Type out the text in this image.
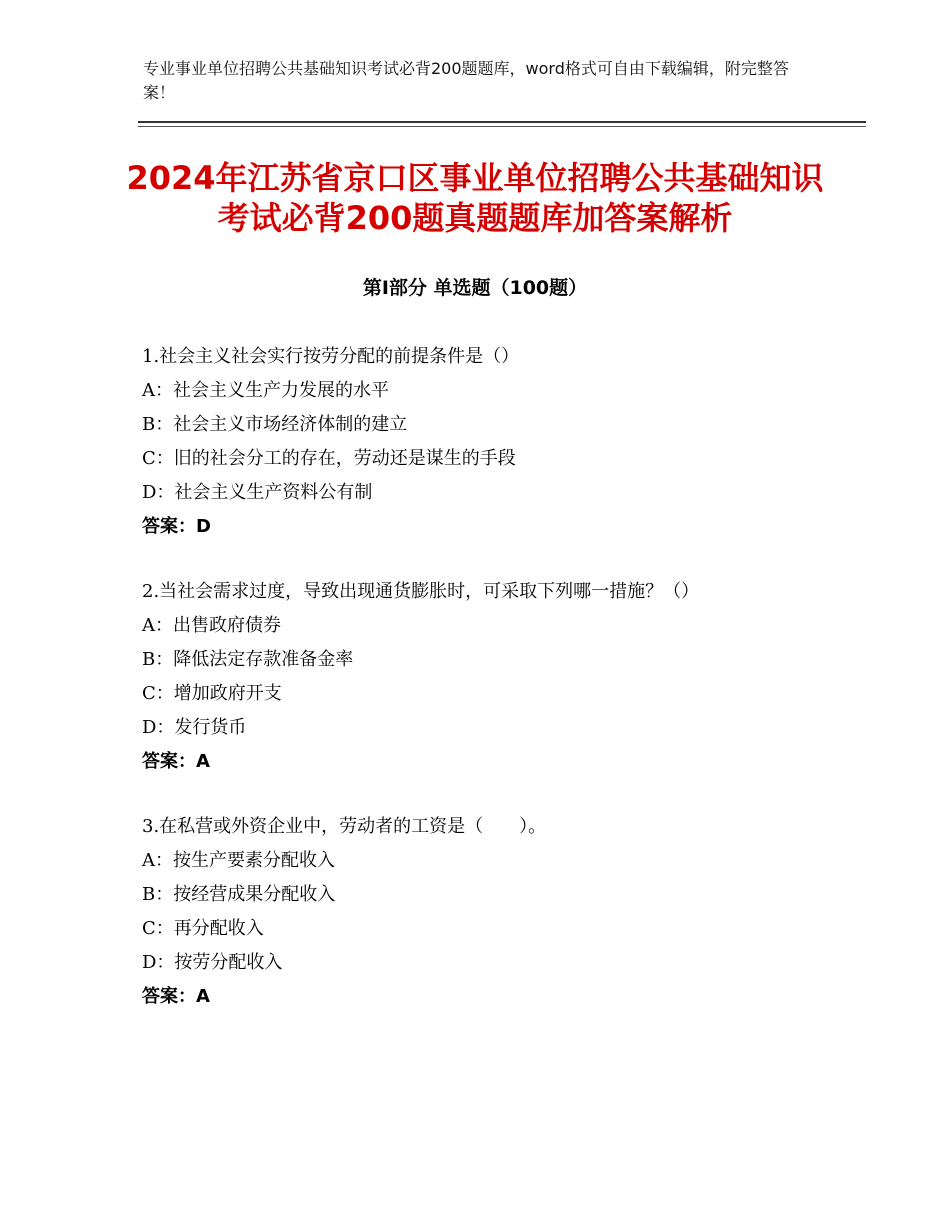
专业事业单位招聘公共基础知识考试必背200题题库，word格式可自由下载编辑，附完整答案！
2024年江苏省京口区事业单位招聘公共基础知识考试必背200题真题题库加答案解析
第Ⅰ部分 单选题（100题）
1.社会主义社会实行按劳分配的前提条件是（）
A：社会主义生产力发展的水平
B：社会主义市场经济体制的建立
C：旧的社会分工的存在，劳动还是谋生的手段
D：社会主义生产资料公有制
答案：D
2.当社会需求过度，导致出现通货膨胀时，可采取下列哪一措施？（）
A：出售政府债券
B：降低法定存款准备金率
C：增加政府开支
D：发行货币
答案：A
3.在私营或外资企业中，劳动者的工资是（　　）。
A：按生产要素分配收入
B：按经营成果分配收入
C：再分配收入
D：按劳分配收入
答案：A
